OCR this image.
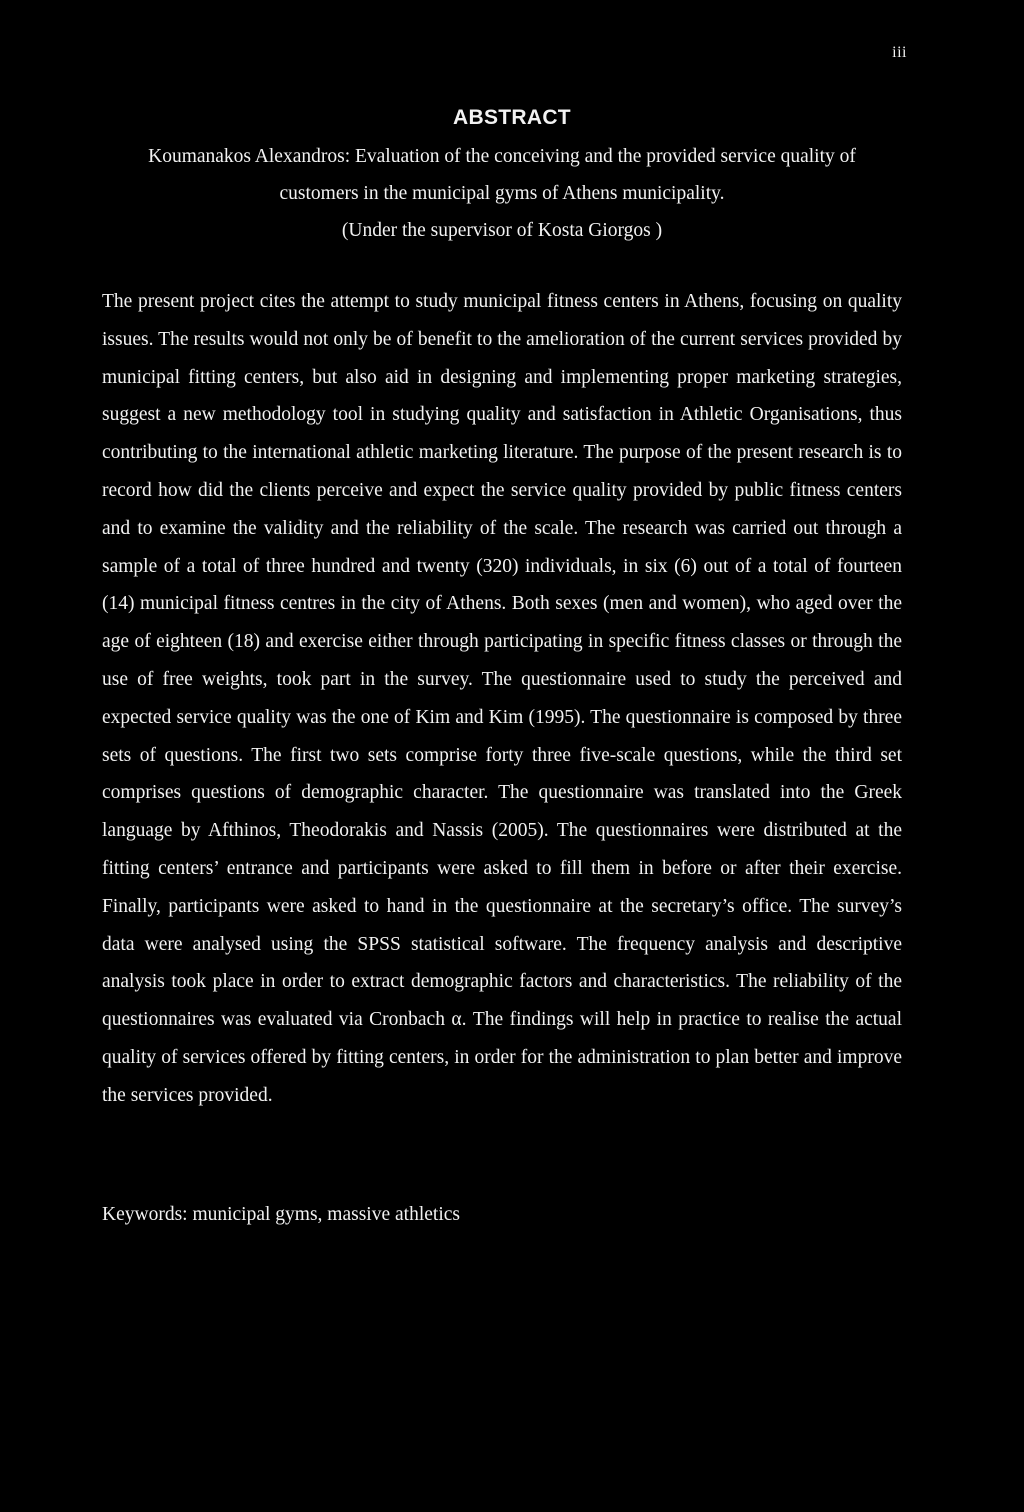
iii
ABSTRACT
Koumanakos Alexandros: Evaluation of the conceiving and the provided service quality of
customers in the municipal gyms of Athens municipality.
(Under the supervisor of Kosta Giorgos )

The present project cites the attempt to study municipal fitness centers in Athens, focusing on quality issues. The results would not only be of benefit to the amelioration of the current services provided by municipal fitting centers, but also aid in designing and implementing proper marketing strategies, suggest a new methodology tool in studying quality and satisfaction in Athletic Organisations, thus contributing to the international athletic marketing literature. The purpose of the present research is to record how did the clients perceive and expect the service quality provided by public fitness centers and to examine the validity and the reliability of the scale. The research was carried out through a sample of a total of three hundred and twenty (320) individuals, in six (6) out of a total of fourteen (14) municipal fitness centres in the city of Athens. Both sexes (men and women), who aged over the age of eighteen (18) and exercise either through participating in specific fitness classes or through the use of free weights, took part in the survey. The questionnaire used to study the perceived and expected service quality was the one of Kim and Kim (1995). The questionnaire is composed by three sets of questions. The first two sets comprise forty three five-scale questions, while the third set comprises questions of demographic character. The questionnaire was translated into the Greek language by Afthinos, Theodorakis and Nassis (2005). The questionnaires were distributed at the fitting centers’ entrance and participants were asked to fill them in before or after their exercise. Finally, participants were asked to hand in the questionnaire at the secretary’s office. The survey’s data were analysed using the SPSS statistical software. The frequency analysis and descriptive analysis took place in order to extract demographic factors and characteristics. The reliability of the questionnaires was evaluated via Cronbach α. The findings will help in practice to realise the actual quality of services offered by fitting centers, in order for the administration to plan better and improve the services provided.

Keywords: municipal gyms, massive athletics
